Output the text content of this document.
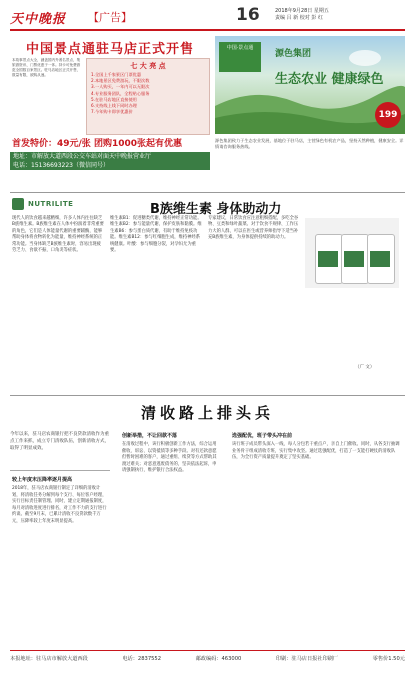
天中晚报 【广告】	16	2018年9月28日 星期五
责编 吕 新 校对 彭 红
中国景点通驻马店正式开售
本故事景点大全，涵盖国内外著名景点，集旅游资讯、门票优惠于一体。持卡可免费游览全国数百家景区。驻马店地区正式开售，数量有限，欲购从速。
七 大 亮 点
1.全国上千家景区门票优惠
2.本地景区免费游玩，不限次数
3.一人购买，一年内可以无限次
4.专业服务团队，全程贴心服务
5.在驻马店地区直接使用
6.支持线上线下同时办理
7.今年购卡即享优惠价
首发特价：49元/张 团购1000张起有优惠
地址：市解放大道西段公交车站对面天中晚报营业厅
电话：15136693223（微信同号）
中国·景点通
源色集团
生态农业 健康绿色
199
源色集团致力于生态农业发展，基地位于驻马店，主营绿色有机农产品，坚持天然种植，健康安全。详情请咨询服务热线。
NUTRILITE	B族维生素 身体助动力
现代人的饮食越来越精细，许多人体内往往缺乏B族维生素。B族维生素在人体中扮演着非常重要的角色，它们是人体能量代谢的重要辅酶，能够帮助身体将食物转化为能量，维持神经系统的正常功能。当身体缺乏B族维生素时，容易出现疲劳乏力、食欲不振、口角炎等症状。
维生素B1：促进糖类代谢，维持神经正常功能。维生素B2：参与能量代谢，保护皮肤和黏膜。维生素B6：参与蛋白质代谢，有助于维持免疫功能。维生素B12：参与红细胞生成，维持神经系统健康。叶酸：参与细胞分裂，对孕妇尤为重要。
专家建议，日常饮食应注意粗细搭配，多吃全谷物、豆类和绿叶蔬菜。对于饮食不规律、工作压力大的人群，可以在医生或营养师指导下适当补充B族维生素，为身体提供持续的助动力。
（广 文）
清收路上排头兵
今年以来，驻马店农商银行把不良贷款清收作为重点工作来抓，成立专门清收队伍，创新清收方式，取得了明显成效。
较上年度末压降率逐月提高
2018年，驻马店农商银行制定了详细的清收计划，将清收任务分解到每个支行、每位客户经理，实行目标责任制管理。同时，建立定期通报制度，每月对清收进度进行排名，对工作不力的支行进行约谈。截至9月末，已累计清收不良贷款数千万元，压降率较上年度末明显提高。
创新举措，不让回款不落
在清收过程中，该行积极创新工作方法，综合运用催收、诉讼、以资抵债等多种手段。对有还款意愿但暂时困难的客户，通过重组、续贷等方式帮助其渡过难关；对恶意逃废债务的，坚决依法起诉，申请强制执行，维护银行合法权益。
选强配优，班子带头冲在前
该行班子成员带头深入一线，每人分包若干重点户，亲自上门催收。同时，从各支行抽调业务骨干组成清收专班，实行集中攻坚。通过选强配优，打造了一支能打硬仗的清收队伍，为全行资产质量提升奠定了坚实基础。
本报地址：驻马店市解放大道西段	电话：2837552	邮政编码：463000	印刷：驻马店日报社印刷厂	零售价1.50元
